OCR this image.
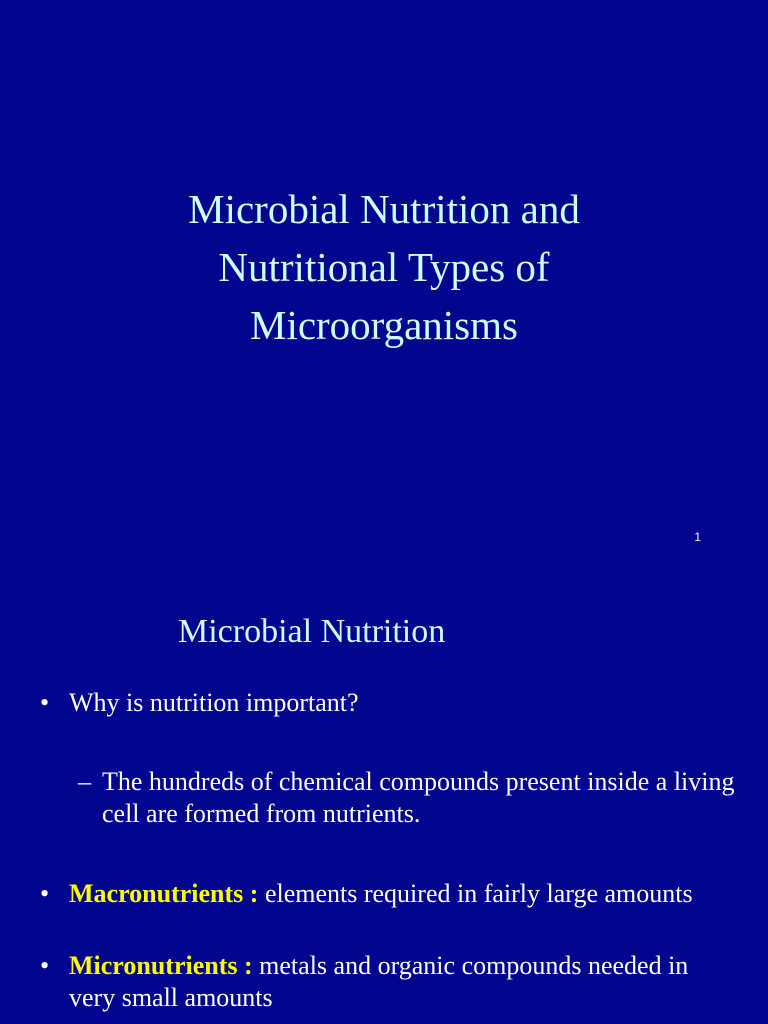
Microbial Nutrition and
Nutritional Types of
Microorganisms
1
Microbial Nutrition
• Why is nutrition important?
– The hundreds of chemical compounds present inside a living cell are formed from nutrients.
• Macronutrients : elements required in fairly large amounts
• Micronutrients : metals and organic compounds needed in very small amounts
